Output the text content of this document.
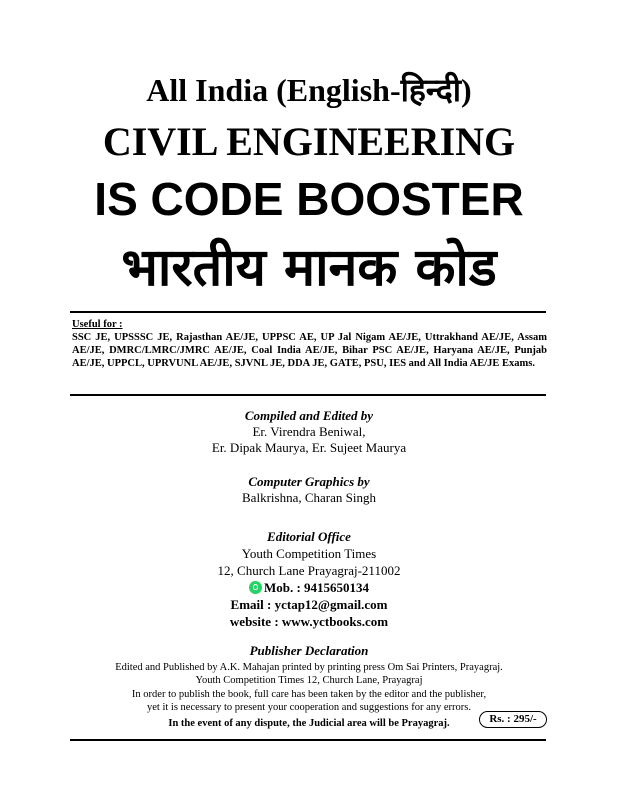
All India (English-हिन्दी)
CIVIL ENGINEERING
IS CODE BOOSTER
भारतीय मानक कोड
Useful for :
SSC JE, UPSSSC JE, Rajasthan AE/JE, UPPSC AE, UP Jal Nigam AE/JE, Uttrakhand AE/JE, Assam AE/JE, DMRC/LMRC/JMRC AE/JE, Coal India AE/JE, Bihar PSC AE/JE, Haryana AE/JE, Punjab AE/JE, UPPCL, UPRVUNL AE/JE, SJVNL JE, DDA JE, GATE, PSU, IES and All India AE/JE Exams.
Compiled and Edited by
Er. Virendra Beniwal,
Er. Dipak Maurya, Er. Sujeet Maurya
Computer Graphics by
Balkrishna, Charan Singh
Editorial Office
Youth Competition Times
12, Church Lane Prayagraj-211002
Mob. : 9415650134
Email : yctap12@gmail.com
website : www.yctbooks.com
Publisher Declaration
Edited and Published by A.K. Mahajan printed by printing press Om Sai Printers, Prayagraj.
Youth Competition Times 12, Church Lane, Prayagraj
In order to publish the book, full care has been taken by the editor and the publisher,
yet it is necessary to present your cooperation and suggestions for any errors.
In the event of any dispute, the Judicial area will be Prayagraj.	Rs. : 295/-
